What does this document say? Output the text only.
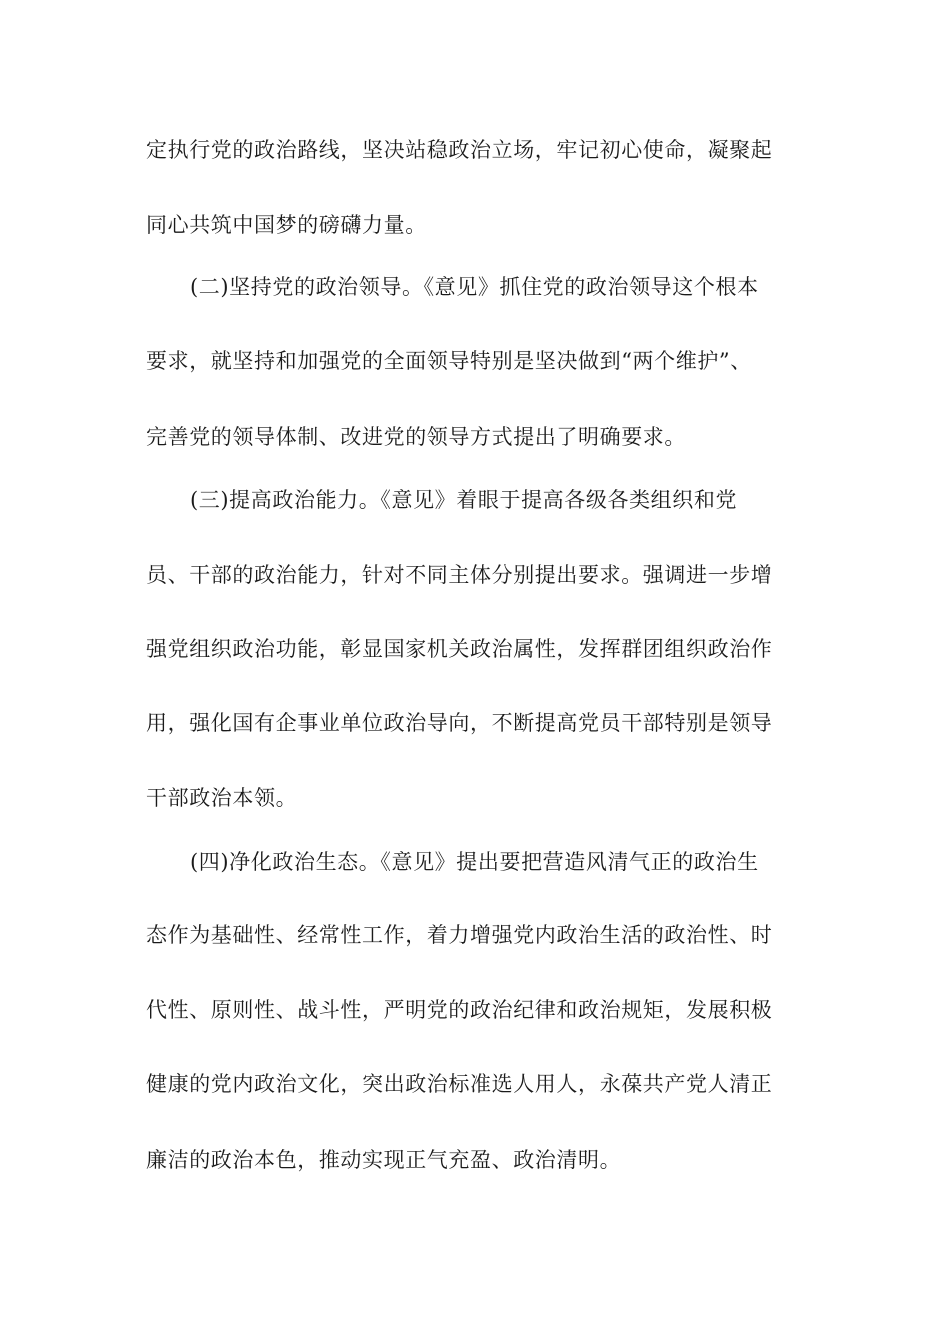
定执行党的政治路线，坚决站稳政治立场，牢记初心使命，凝聚起
同心共筑中国梦的磅礴力量。
(二)坚持党的政治领导。《意见》抓住党的政治领导这个根本
要求，就坚持和加强党的全面领导特别是坚决做到“两个维护”、
完善党的领导体制、改进党的领导方式提出了明确要求。
(三)提高政治能力。《意见》着眼于提高各级各类组织和党
员、干部的政治能力，针对不同主体分别提出要求。强调进一步增
强党组织政治功能，彰显国家机关政治属性，发挥群团组织政治作
用，强化国有企事业单位政治导向，不断提高党员干部特别是领导
干部政治本领。
(四)净化政治生态。《意见》提出要把营造风清气正的政治生
态作为基础性、经常性工作，着力增强党内政治生活的政治性、时
代性、原则性、战斗性，严明党的政治纪律和政治规矩，发展积极
健康的党内政治文化，突出政治标准选人用人，永葆共产党人清正
廉洁的政治本色，推动实现正气充盈、政治清明。
